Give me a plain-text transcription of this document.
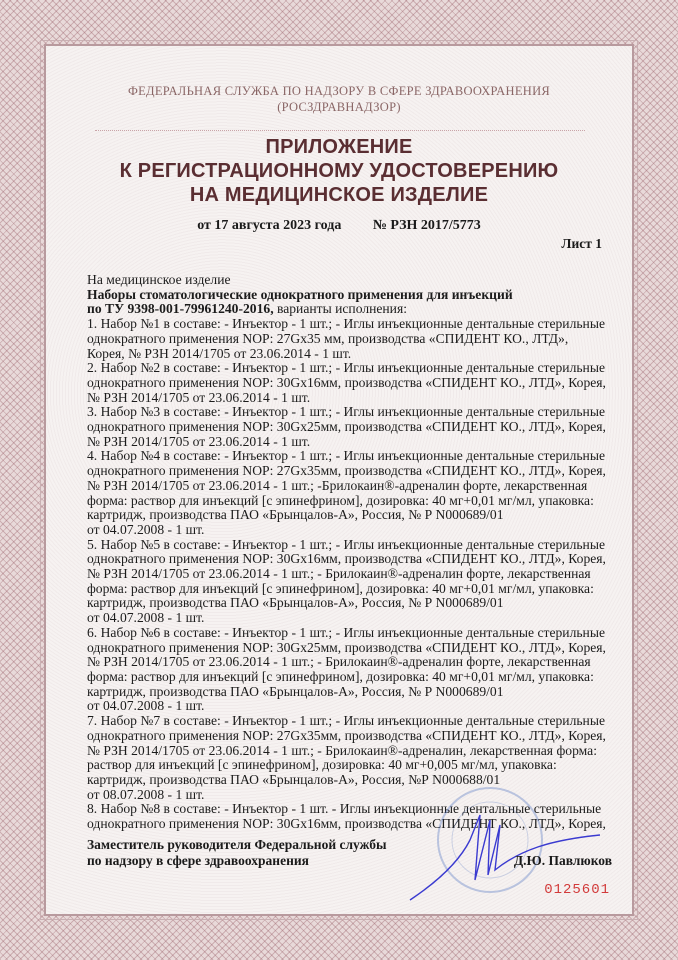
ФЕДЕРАЛЬНАЯ СЛУЖБА ПО НАДЗОРУ В СФЕРЕ ЗДРАВООХРАНЕНИЯ
(РОСЗДРАВНАДЗОР)
ПРИЛОЖЕНИЕ
К РЕГИСТРАЦИОННОМУ УДОСТОВЕРЕНИЮ
НА МЕДИЦИНСКОЕ ИЗДЕЛИЕ
от 17 августа 2023 года № РЗН 2017/5773
Лист 1
На медицинское изделие
Наборы стоматологические однократного применения для инъекций
по ТУ 9398-001-79961240-2016, варианты исполнения:
1. Набор №1 в составе: - Инъектор - 1 шт.; - Иглы инъекционные дентальные стерильные
однократного применения NOP: 27Gx35 мм, производства «СПИДЕНТ КО., ЛТД»,
Корея, № РЗН 2014/1705 от 23.06.2014 - 1 шт.
2. Набор №2 в составе: - Инъектор - 1 шт.; - Иглы инъекционные дентальные стерильные
однократного применения NOP: 30Gx16мм, производства «СПИДЕНТ КО., ЛТД», Корея,
№ РЗН 2014/1705 от 23.06.2014 - 1 шт.
3. Набор №3 в составе: - Инъектор - 1 шт.; - Иглы инъекционные дентальные стерильные
однократного применения NOP: 30Gx25мм, производства «СПИДЕНТ КО., ЛТД», Корея,
№ РЗН 2014/1705 от 23.06.2014 - 1 шт.
4. Набор №4 в составе: - Инъектор - 1 шт.; - Иглы инъекционные дентальные стерильные
однократного применения NOP: 27Gx35мм, производства «СПИДЕНТ КО., ЛТД», Корея,
№ РЗН 2014/1705 от 23.06.2014 - 1 шт.; -Брилокаин®-адреналин форте, лекарственная
форма: раствор для инъекций [с эпинефрином], дозировка: 40 мг+0,01 мг/мл, упаковка:
картридж, производства ПАО «Брынцалов-А», Россия, № Р N000689/01
от 04.07.2008 - 1 шт.
5. Набор №5 в составе: - Инъектор - 1 шт.; - Иглы инъекционные дентальные стерильные
однократного применения NOP: 30Gx16мм, производства «СПИДЕНТ КО., ЛТД», Корея,
№ РЗН 2014/1705 от 23.06.2014 - 1 шт.; - Брилокаин®-адреналин форте, лекарственная
форма: раствор для инъекций [с эпинефрином], дозировка: 40 мг+0,01 мг/мл, упаковка:
картридж, производства ПАО «Брынцалов-А», Россия, № Р N000689/01
от 04.07.2008 - 1 шт.
6. Набор №6 в составе: - Инъектор - 1 шт.; - Иглы инъекционные дентальные стерильные
однократного применения NOP: 30Gx25мм, производства «СПИДЕНТ КО., ЛТД», Корея,
№ РЗН 2014/1705 от 23.06.2014 - 1 шт.; - Брилокаин®-адреналин форте, лекарственная
форма: раствор для инъекций [с эпинефрином], дозировка: 40 мг+0,01 мг/мл, упаковка:
картридж, производства ПАО «Брынцалов-А», Россия, № Р N000689/01
от 04.07.2008 - 1 шт.
7. Набор №7 в составе: - Инъектор - 1 шт.; - Иглы инъекционные дентальные стерильные
однократного применения NOP: 27Gx35мм, производства «СПИДЕНТ КО., ЛТД», Корея,
№ РЗН 2014/1705 от 23.06.2014 - 1 шт.; - Брилокаин®-адреналин, лекарственная форма:
раствор для инъекций [с эпинефрином], дозировка: 40 мг+0,005 мг/мл, упаковка:
картридж, производства ПАО «Брынцалов-А», Россия, №Р N000688/01
от 08.07.2008 - 1 шт.
8. Набор №8 в составе: - Инъектор - 1 шт. - Иглы инъекционные дентальные стерильные
однократного применения NOP: 30Gx16мм, производства «СПИДЕНТ КО., ЛТД», Корея,
Заместитель руководителя Федеральной службы
по надзору в сфере здравоохранения	Д.Ю. Павлюков
0125601
